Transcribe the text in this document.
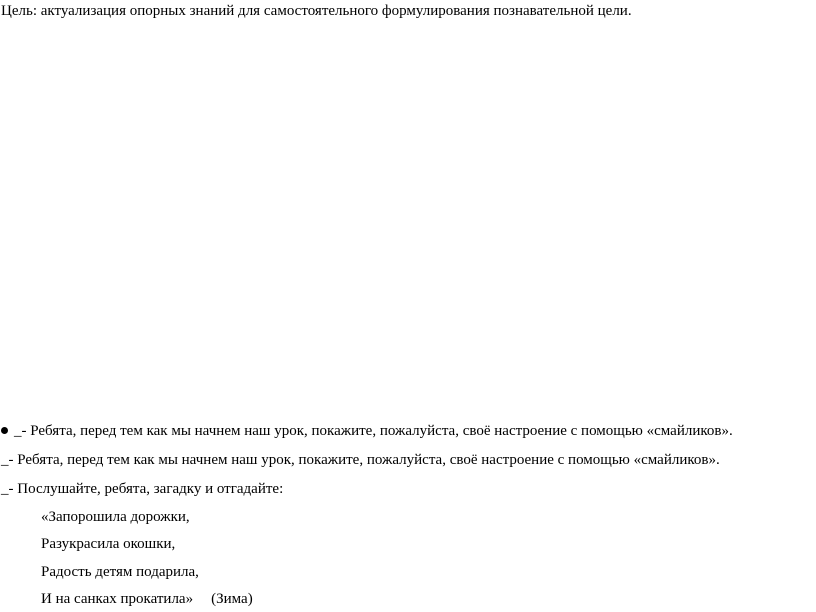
Цель: актуализация опорных знаний для самостоятельного формулирования познавательной цели.
_- Ребята, перед тем как мы начнем наш урок, покажите, пожалуйста, своё настроение с помощью «смайликов».
_- Ребята, перед тем как мы начнем наш урок, покажите, пожалуйста, своё настроение с помощью «смайликов».
_- Послушайте, ребята, загадку и отгадайте:
«Запорошила дорожки,
Разукрасила окошки,
Радость детям подарила,
И на санках прокатила» (Зима)
